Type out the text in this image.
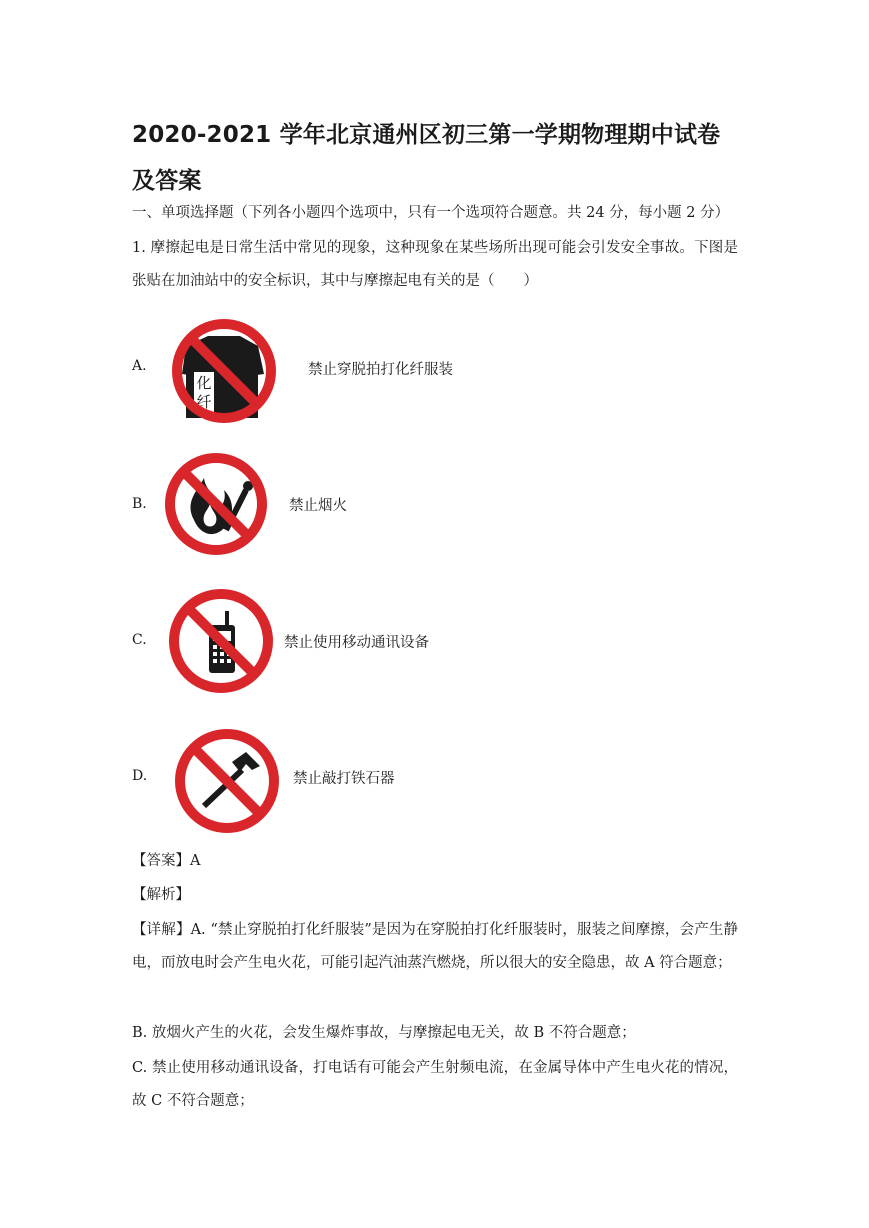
2020-2021 学年北京通州区初三第一学期物理期中试卷及答案
一、单项选择题（下列各小题四个选项中，只有一个选项符合题意。共 24 分，每小题 2 分）
1. 摩擦起电是日常生活中常见的现象，这种现象在某些场所出现可能会引发安全事故。下图是张贴在加油站中的安全标识，其中与摩擦起电有关的是（　　）
A.
化
纤
禁止穿脱拍打化纤服装
B.	禁止烟火
C.	禁止使用移动通讯设备
D.	禁止敲打铁石器
【答案】A
【解析】
【详解】A. “禁止穿脱拍打化纤服装”是因为在穿脱拍打化纤服装时，服装之间摩擦，会产生静电，而放电时会产生电火花，可能引起汽油蒸汽燃烧，所以很大的安全隐患，故 A 符合题意；
B. 放烟火产生的火花，会发生爆炸事故，与摩擦起电无关，故 B 不符合题意；
C. 禁止使用移动通讯设备，打电话有可能会产生射频电流，在金属导体中产生电火花的情况，故 C 不符合题意；
